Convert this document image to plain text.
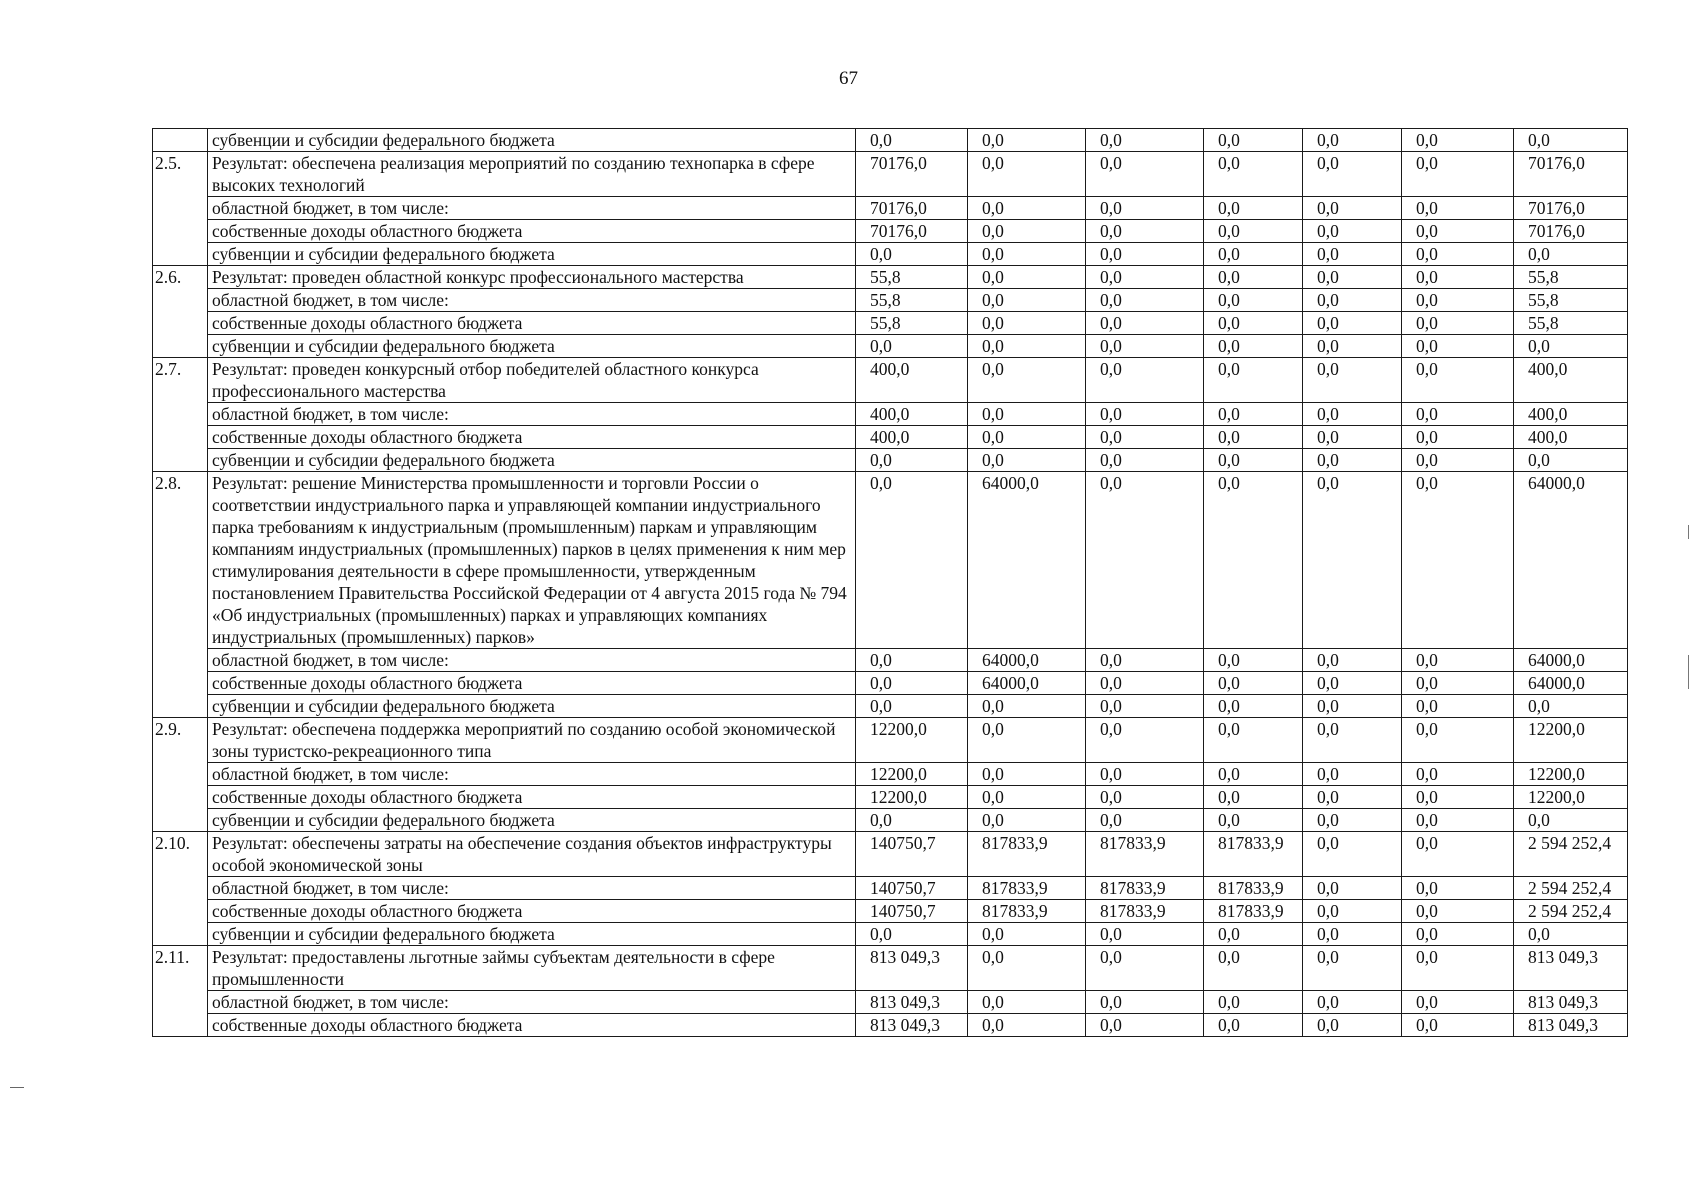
67
	субвенции и субсидии федерального бюджета	0,0	0,0	0,0	0,0	0,0	0,0	0,0
2.5.	Результат: обеспечена реализация мероприятий по созданию технопарка в сфере высоких технологий	70176,0	0,0	0,0	0,0	0,0	0,0	70176,0
	областной бюджет, в том числе:	70176,0	0,0	0,0	0,0	0,0	0,0	70176,0
	собственные доходы областного бюджета	70176,0	0,0	0,0	0,0	0,0	0,0	70176,0
	субвенции и субсидии федерального бюджета	0,0	0,0	0,0	0,0	0,0	0,0	0,0
2.6.	Результат: проведен областной конкурс профессионального мастерства	55,8	0,0	0,0	0,0	0,0	0,0	55,8
	областной бюджет, в том числе:	55,8	0,0	0,0	0,0	0,0	0,0	55,8
	собственные доходы областного бюджета	55,8	0,0	0,0	0,0	0,0	0,0	55,8
	субвенции и субсидии федерального бюджета	0,0	0,0	0,0	0,0	0,0	0,0	0,0
2.7.	Результат: проведен конкурсный отбор победителей областного конкурса профессионального мастерства	400,0	0,0	0,0	0,0	0,0	0,0	400,0
	областной бюджет, в том числе:	400,0	0,0	0,0	0,0	0,0	0,0	400,0
	собственные доходы областного бюджета	400,0	0,0	0,0	0,0	0,0	0,0	400,0
	субвенции и субсидии федерального бюджета	0,0	0,0	0,0	0,0	0,0	0,0	0,0
2.8.	Результат: решение Министерства промышленности и торговли России о соответствии индустриального парка и управляющей компании индустриального парка требованиям к индустриальным (промышленным) паркам и управляющим компаниям индустриальных (промышленных) парков в целях применения к ним мер стимулирования деятельности в сфере промышленности, утвержденным постановлением Правительства Российской Федерации от 4 августа 2015 года № 794 «Об индустриальных (промышленных) парках и управляющих компаниях индустриальных (промышленных) парков»	0,0	64000,0	0,0	0,0	0,0	0,0	64000,0
	областной бюджет, в том числе:	0,0	64000,0	0,0	0,0	0,0	0,0	64000,0
	собственные доходы областного бюджета	0,0	64000,0	0,0	0,0	0,0	0,0	64000,0
	субвенции и субсидии федерального бюджета	0,0	0,0	0,0	0,0	0,0	0,0	0,0
2.9.	Результат: обеспечена поддержка мероприятий по созданию особой экономической зоны туристско-рекреационного типа	12200,0	0,0	0,0	0,0	0,0	0,0	12200,0
	областной бюджет, в том числе:	12200,0	0,0	0,0	0,0	0,0	0,0	12200,0
	собственные доходы областного бюджета	12200,0	0,0	0,0	0,0	0,0	0,0	12200,0
	субвенции и субсидии федерального бюджета	0,0	0,0	0,0	0,0	0,0	0,0	0,0
2.10.	Результат: обеспечены затраты на обеспечение создания объектов инфраструктуры особой экономической зоны	140750,7	817833,9	817833,9	817833,9	0,0	0,0	2 594 252,4
	областной бюджет, в том числе:	140750,7	817833,9	817833,9	817833,9	0,0	0,0	2 594 252,4
	собственные доходы областного бюджета	140750,7	817833,9	817833,9	817833,9	0,0	0,0	2 594 252,4
	субвенции и субсидии федерального бюджета	0,0	0,0	0,0	0,0	0,0	0,0	0,0
2.11.	Результат: предоставлены льготные займы субъектам деятельности в сфере промышленности	813 049,3	0,0	0,0	0,0	0,0	0,0	813 049,3
	областной бюджет, в том числе:	813 049,3	0,0	0,0	0,0	0,0	0,0	813 049,3
	собственные доходы областного бюджета	813 049,3	0,0	0,0	0,0	0,0	0,0	813 049,3
